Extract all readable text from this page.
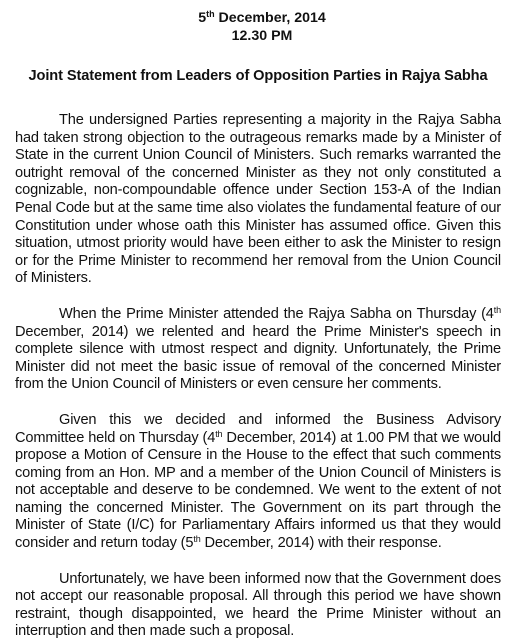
5th December, 2014
12.30 PM
Joint Statement from Leaders of Opposition Parties in Rajya Sabha

The undersigned Parties representing a majority in the Rajya Sabha had taken strong objection to the outrageous remarks made by a Minister of State in the current Union Council of Ministers. Such remarks warranted the outright removal of the concerned Minister as they not only constituted a cognizable, non-compoundable offence under Section 153-A of the Indian Penal Code but at the same time also violates the fundamental feature of our Constitution under whose oath this Minister has assumed office. Given this situation, utmost priority would have been either to ask the Minister to resign or for the Prime Minister to recommend her removal from the Union Council of Ministers.

When the Prime Minister attended the Rajya Sabha on Thursday (4th December, 2014) we relented and heard the Prime Minister's speech in complete silence with utmost respect and dignity. Unfortunately, the Prime Minister did not meet the basic issue of removal of the concerned Minister from the Union Council of Ministers or even censure her comments.

Given this we decided and informed the Business Advisory Committee held on Thursday (4th December, 2014) at 1.00 PM that we would propose a Motion of Censure in the House to the effect that such comments coming from an Hon. MP and a member of the Union Council of Ministers is not acceptable and deserve to be condemned. We went to the extent of not naming the concerned Minister. The Government on its part through the Minister of State (I/C) for Parliamentary Affairs informed us that they would consider and return today (5th December, 2014) with their response.

Unfortunately, we have been informed now that the Government does not accept our reasonable proposal. All through this period we have shown restraint, though disappointed, we heard the Prime Minister without an interruption and then made such a proposal.
